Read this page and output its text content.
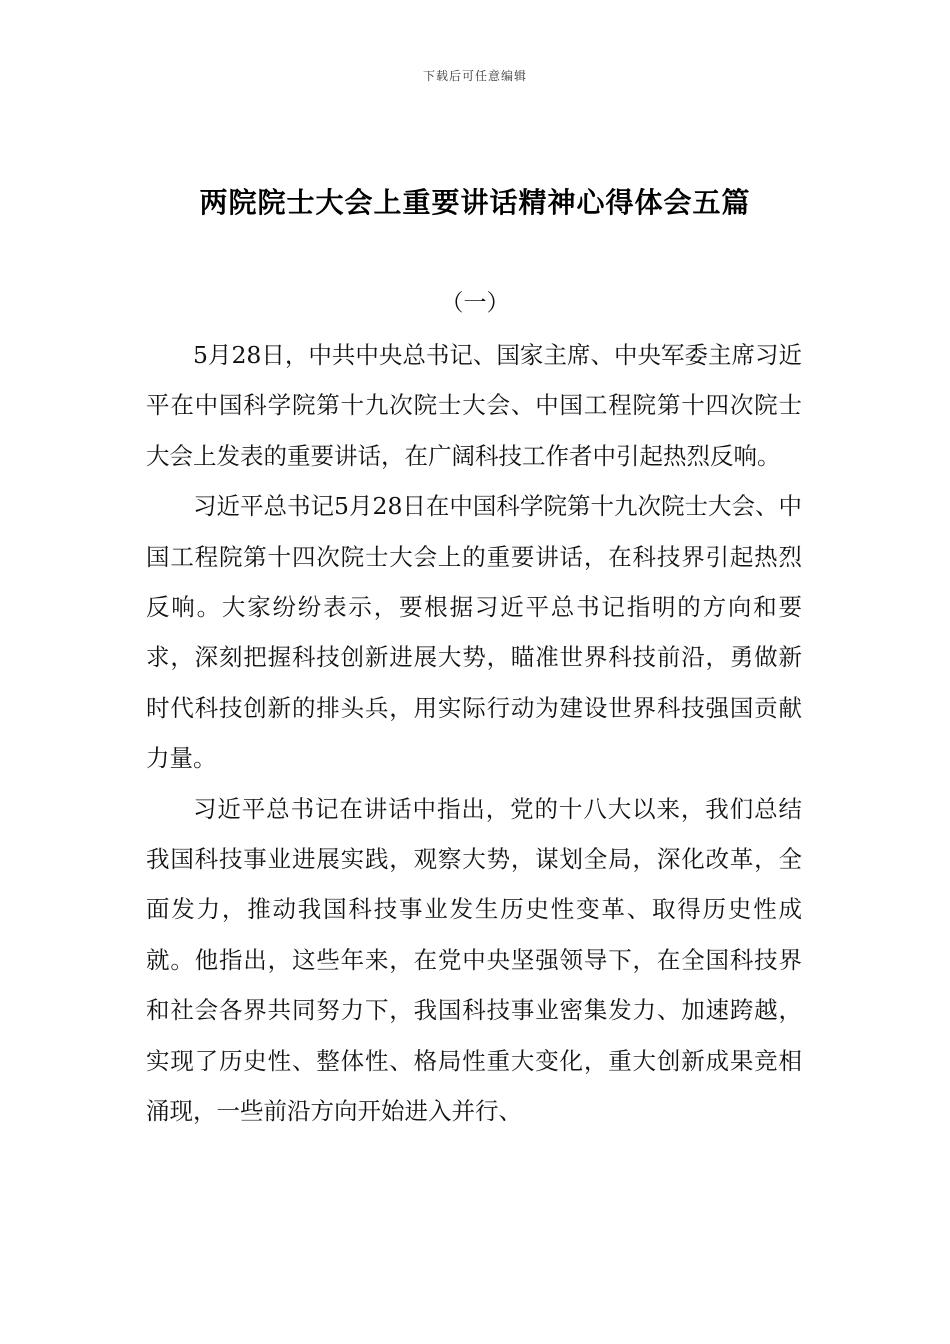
下载后可任意编辑
两院院士大会上重要讲话精神心得体会五篇
（一）

5月28日，中共中央总书记、国家主席、中央军委主席习近平在中国科学院第十九次院士大会、中国工程院第十四次院士大会上发表的重要讲话，在广阔科技工作者中引起热烈反响。

习近平总书记5月28日在中国科学院第十九次院士大会、中国工程院第十四次院士大会上的重要讲话，在科技界引起热烈反响。大家纷纷表示，要根据习近平总书记指明的方向和要求，深刻把握科技创新进展大势，瞄准世界科技前沿，勇做新时代科技创新的排头兵，用实际行动为建设世界科技强国贡献力量。

习近平总书记在讲话中指出，党的十八大以来，我们总结我国科技事业进展实践，观察大势，谋划全局，深化改革，全面发力，推动我国科技事业发生历史性变革、取得历史性成就。他指出，这些年来，在党中央坚强领导下，在全国科技界和社会各界共同努力下，我国科技事业密集发力、加速跨越，实现了历史性、整体性、格局性重大变化，重大创新成果竞相涌现，一些前沿方向开始进入并行、
